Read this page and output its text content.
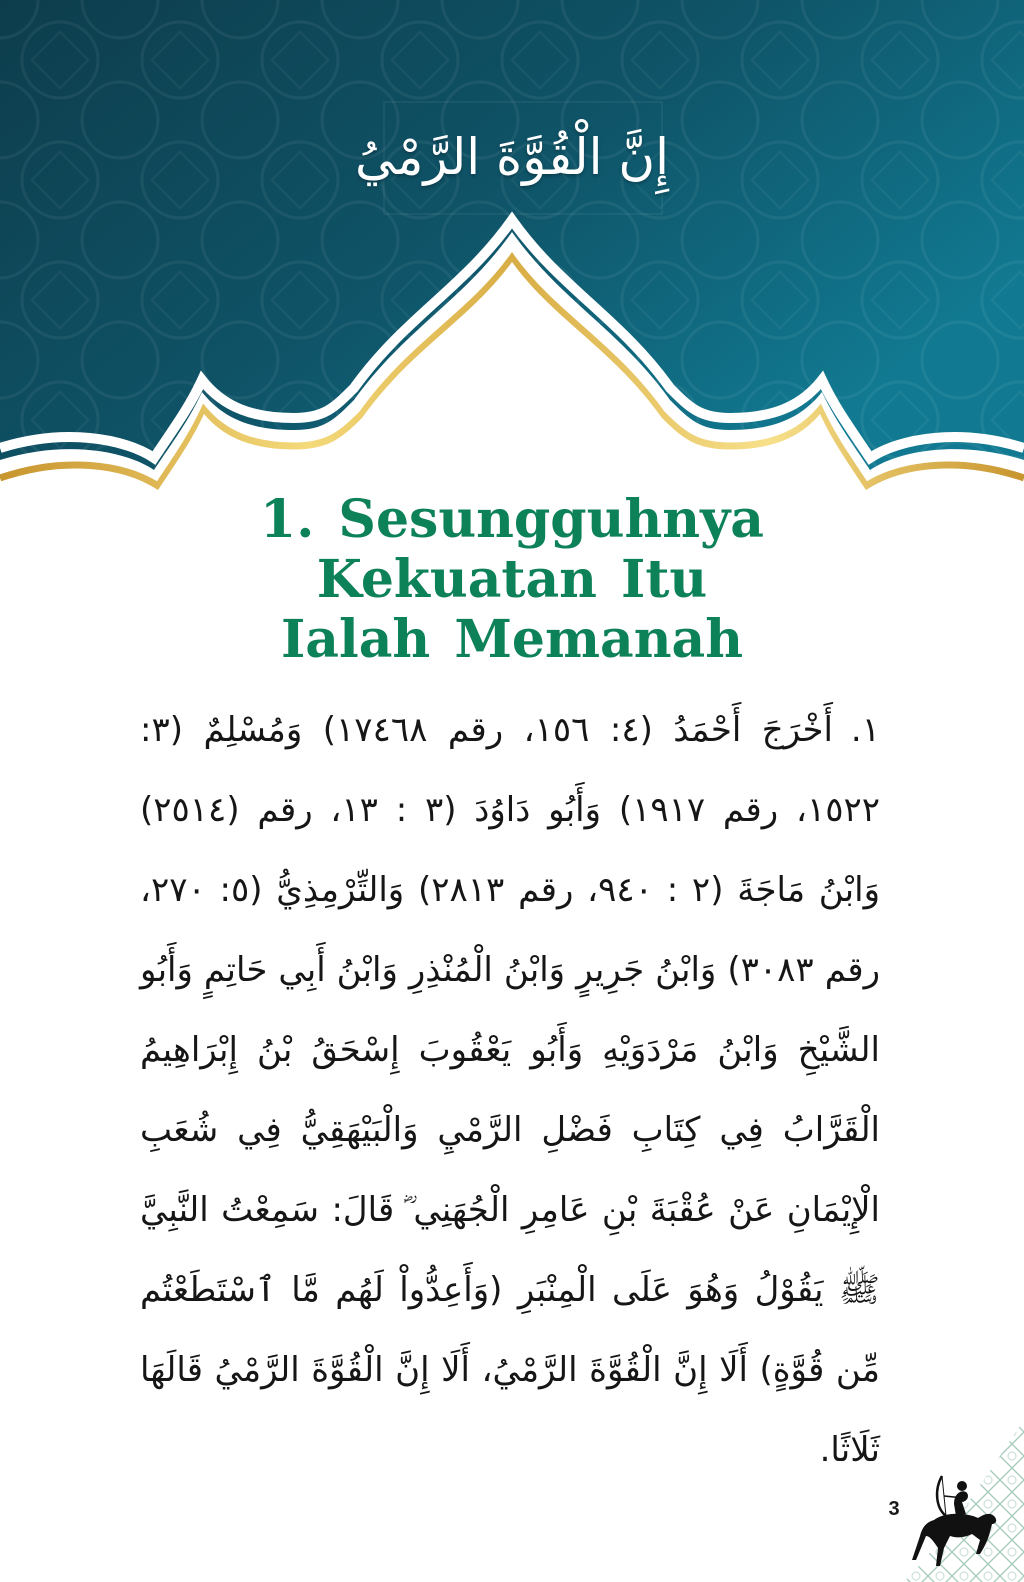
إِنَّ الْقُوَّةَ الرَّمْيُ
1. Sesungguhnya
Kekuatan Itu
Ialah Memanah
١.أَخْرَجَ أَحْمَدُ (٤: ١٥٦، رقم ١٧٤٦٨) وَمُسْلِمٌ (٣: ١٥٢٢، رقم ١٩١٧) وَأَبُو دَاوُدَ (٣ : ١٣، رقم (٢٥١٤) وَابْنُ مَاجَةَ (٢ : ٩٤٠، رقم ٢٨١٣) وَالتِّرْمِذِيُّ (٥: ٢٧٠، رقم ٣٠٨٣) وَابْنُ جَرِيرٍ وَابْنُ الْمُنْذِرِ وَابْنُ أَبِي حَاتِمٍ وَأَبُو الشَّيْخِ وَابْنُ مَرْدَوَيْهِ وَأَبُو يَعْقُوبَ إِسْحَقُ بْنُ إِبْرَاهِيمُ الْقَرَّابُ فِي كِتَابِ فَضْلِ الرَّمْيِ وَالْبَيْهَقِيُّ فِي شُعَبِ الْإِيْمَانِ عَنْ عُقْبَةَ بْنِ عَامِرِ الْجُهَنِي ؓ قَالَ: سَمِعْتُ النَّبِيَّ ﷺ يَقُوْلُ وَهُوَ عَلَى الْمِنْبَرِ (وَأَعِدُّواْ لَهُم مَّا ٱسْتَطَعْتُم مِّن قُوَّةٍ) أَلَا إِنَّ الْقُوَّةَ الرَّمْيُ، أَلَا إِنَّ الْقُوَّةَ الرَّمْيُ قَالَهَا ثَلَاثًا.
3
